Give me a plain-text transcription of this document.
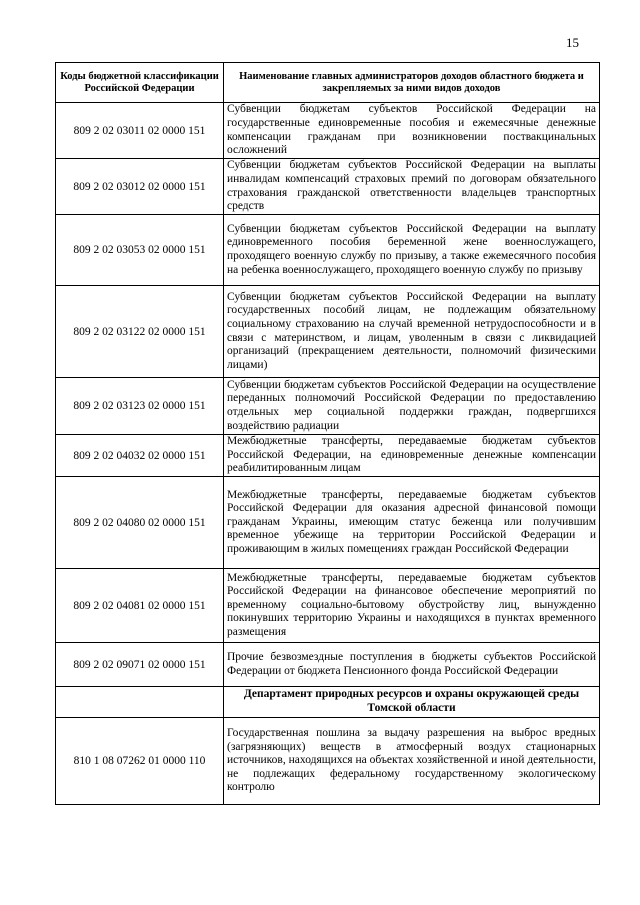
15
Коды бюджетной классификации Российской Федерации	Наименование главных администраторов доходов областного бюджета и закрепляемых за ними видов доходов
809 2 02 03011 02 0000 151	Субвенции бюджетам субъектов Российской Федерации на государственные единовременные пособия и ежемесячные денежные компенсации гражданам при возникновении поствакцинальных осложнений
809 2 02 03012 02 0000 151	Субвенции бюджетам субъектов Российской Федерации на выплаты инвалидам компенсаций страховых премий по договорам обязательного страхования гражданской ответственности владельцев транспортных средств
809 2 02 03053 02 0000 151	Субвенции бюджетам субъектов Российской Федерации на выплату единовременного пособия беременной жене военнослужащего, проходящего военную службу по призыву, а также ежемесячного пособия на ребенка военнослужащего, проходящего военную службу по призыву
809 2 02 03122 02 0000 151	Субвенции бюджетам субъектов Российской Федерации на выплату государственных пособий лицам, не подлежащим обязательному социальному страхованию на случай временной нетрудоспособности и в связи с материнством, и лицам, уволенным в связи с ликвидацией организаций (прекращением деятельности, полномочий физическими лицами)
809 2 02 03123 02 0000 151	Субвенции бюджетам субъектов Российской Федерации на осуществление переданных полномочий Российской Федерации по предоставлению отдельных мер социальной поддержки граждан, подвергшихся воздействию радиации
809 2 02 04032 02 0000 151	Межбюджетные трансферты, передаваемые бюджетам субъектов Российской Федерации, на единовременные денежные компенсации реабилитированным лицам
809 2 02 04080 02 0000 151	Межбюджетные трансферты, передаваемые бюджетам субъектов Российской Федерации для оказания адресной финансовой помощи гражданам Украины, имеющим статус беженца или получившим временное убежище на территории Российской Федерации и проживающим в жилых помещениях граждан Российской Федерации
809 2 02 04081 02 0000 151	Межбюджетные трансферты, передаваемые бюджетам субъектов Российской Федерации на финансовое обеспечение мероприятий по временному социально-бытовому обустройству лиц, вынужденно покинувших территорию Украины и находящихся в пунктах временного размещения
809 2 02 09071 02 0000 151	Прочие безвозмездные поступления в бюджеты субъектов Российской Федерации от бюджета Пенсионного фонда Российской Федерации
	Департамент природных ресурсов и охраны окружающей среды Томской области
810 1 08 07262 01 0000 110	Государственная пошлина за выдачу разрешения на выброс вредных (загрязняющих) веществ в атмосферный воздух стационарных источников, находящихся на объектах хозяйственной и иной деятельности, не подлежащих федеральному государственному экологическому контролю
